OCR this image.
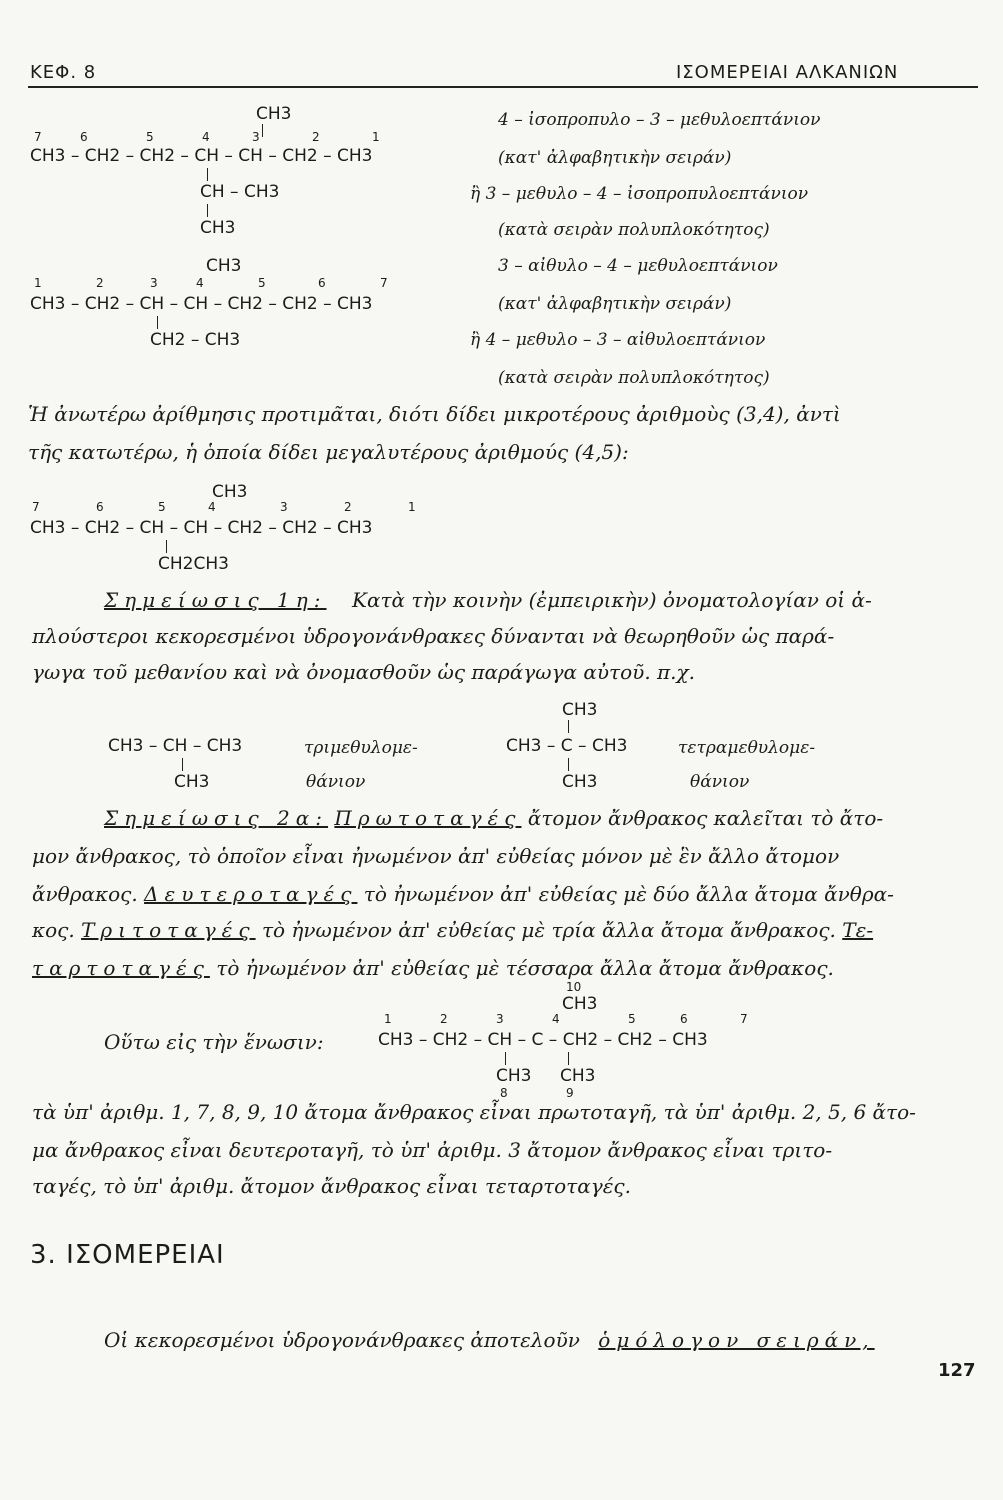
ΚΕΦ. 8	ΙΣΟΜΕΡΕΙΑΙ ΑΛΚΑΝΙΩΝ
CH3
7	6	5	4	3	2	1
CH3 – CH2 – CH2 – CH – CH – CH2 – CH3
CH – CH3
CH3
4 – ἰσοπροπυλο – 3 – μεθυλοεπτάνιον
(κατ' ἀλφαβητικὴν σειράν)
ἢ 3 – μεθυλο – 4 – ἰσοπροπυλοεπτάνιον
(κατὰ σειρὰν πολυπλοκότητος)
CH3
1	2	3	4	5	6	7
CH3 – CH2 – CH – CH – CH2 – CH2 – CH3
CH2 – CH3
3 – αἰθυλο – 4 – μεθυλοεπτάνιον
(κατ' ἀλφαβητικὴν σειράν)
ἢ 4 – μεθυλο – 3 – αἰθυλοεπτάνιον
(κατὰ σειρὰν πολυπλοκότητος)
Ἡ ἀνωτέρω ἀρίθμησις προτιμᾶται, διότι δίδει μικροτέρους ἀριθμοὺς (3,4), ἀντὶ
τῆς κατωτέρω, ἡ ὁποία δίδει μεγαλυτέρους ἀριθμούς (4,5):
CH3
7	6	5	4	3	2	1
CH3 – CH2 – CH – CH – CH2 – CH2 – CH3
CH2CH3
Σημείωσις 1η: Κατὰ τὴν κοινὴν (ἐμπειρικὴν) ὀνοματολογίαν οἱ ἁ-
πλούστεροι κεκορεσμένοι ὑδρογονάνθρακες δύνανται νὰ θεωρηθοῦν ὡς παρά-
γωγα τοῦ μεθανίου καὶ νὰ ὀνομασθοῦν ὡς παράγωγα αὐτοῦ. π.χ.
CH3 – CH – CH3
CH3
τριμεθυλομε-
θάνιον
CH3
CH3 – C – CH3
CH3
τετραμεθυλομε-
θάνιον
Σημείωσις 2α: Πρωτοταγές ἄτομον ἄνθρακος καλεῖται τὸ ἄτο-
μον ἄνθρακος, τὸ ὁποῖον εἶναι ἠνωμένον ἀπ' εὐθείας μόνον μὲ ἓν ἄλλο ἄτομον
ἄνθρακος. Δευτεροταγές τὸ ἠνωμένον ἀπ' εὐθείας μὲ δύο ἄλλα ἄτομα ἄνθρα-
κος. Τριτοταγές τὸ ἠνωμένον ἀπ' εὐθείας μὲ τρία ἄλλα ἄτομα ἄνθρακος. Τε-
ταρτοταγές τὸ ἠνωμένον ἀπ' εὐθείας μὲ τέσσαρα ἄλλα ἄτομα ἄνθρακος.
Οὕτω εἰς τὴν ἕνωσιν:
10
CH3
1	2	3	4	5	6	7
CH3 – CH2 – CH – C – CH2 – CH2 – CH3
CH3 CH3
8	9
τὰ ὑπ' ἀριθμ. 1, 7, 8, 9, 10 ἄτομα ἄνθρακος εἶναι πρωτοταγῆ, τὰ ὑπ' ἀριθμ. 2, 5, 6 ἄτο-
μα ἄνθρακος εἶναι δευτεροταγῆ, τὸ ὑπ' ἀριθμ. 3 ἄτομον ἄνθρακος εἶναι τριτο-
ταγές, τὸ ὑπ' ἀριθμ. ἄτομον ἄνθρακος εἶναι τεταρτοταγές.
3. ΙΣΟΜΕΡΕΙΑΙ
Οἱ κεκορεσμένοι ὑδρογονάνθρακες ἀποτελοῦν ὁμόλογον σειράν,
127
